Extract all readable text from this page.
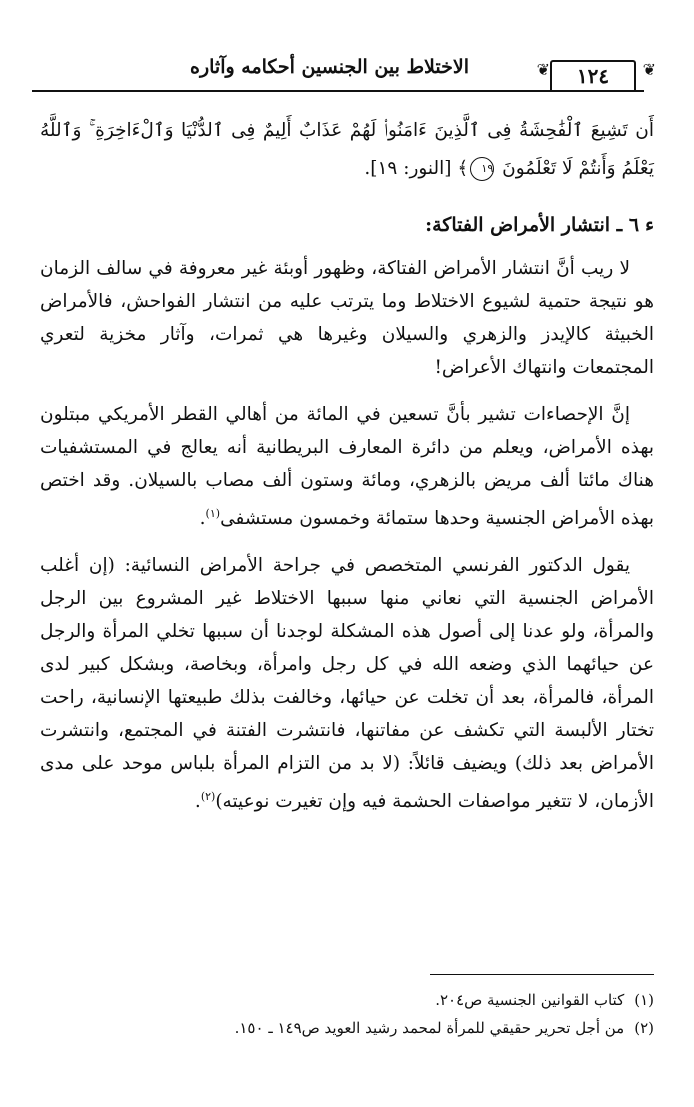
الاختلاط بين الجنسين أحكامه وآثاره	❦	١٢٤	❦

أَن تَشِيعَ ٱلْفَٰحِشَةُ فِى ٱلَّذِينَ ءَامَنُوا۟ لَهُمْ عَذَابٌ أَلِيمٌ فِى ٱلدُّنْيَا وَٱلْءَاخِرَةِ ۚ وَٱللَّهُ يَعْلَمُ وَأَنتُمْ لَا تَعْلَمُونَ ١٩﴾ [النور: ١٩].

ء٦ ـ انتشار الأمراض الفتاكة:

لا ريب أنَّ انتشار الأمراض الفتاكة، وظهور أوبئة غير معروفة في سالف الزمان هو نتيجة حتمية لشيوع الاختلاط وما يترتب عليه من انتشار الفواحش، فالأمراض الخبيثة كالإيدز والزهري والسيلان وغيرها هي ثمرات، وآثار مخزية لتعري المجتمعات وانتهاك الأعراض!

إنَّ الإحصاءات تشير بأنَّ تسعين في المائة من أهالي القطر الأمريكي مبتلون بهذه الأمراض، ويعلم من دائرة المعارف البريطانية أنه يعالج في المستشفيات هناك مائتا ألف مريض بالزهري، ومائة وستون ألف مصاب بالسيلان. وقد اختص بهذه الأمراض الجنسية وحدها ستمائة وخمسون مستشفى$^{(١)}$.

يقول الدكتور الفرنسي المتخصص في جراحة الأمراض النسائية: (إن أغلب الأمراض الجنسية التي نعاني منها سببها الاختلاط غير المشروع بين الرجل والمرأة، ولو عدنا إلى أصول هذه المشكلة لوجدنا أن سببها تخلي المرأة والرجل عن حيائهما الذي وضعه الله في كل رجل وامرأة، وبخاصة، وبشكل كبير لدى المرأة، فالمرأة، بعد أن تخلت عن حيائها، وخالفت بذلك طبيعتها الإنسانية، راحت تختار الألبسة التي تكشف عن مفاتنها، فانتشرت الفتنة في المجتمع، وانتشرت الأمراض بعد ذلك) ويضيف قائلاً: (لا بد من التزام المرأة بلباس موحد على مدى الأزمان، لا تتغير مواصفات الحشمة فيه وإن تغيرت نوعيته)$^{(٢)}$.

(١)كتاب القوانين الجنسية ص٢٠٤.

(٢)من أجل تحرير حقيقي للمرأة لمحمد رشيد العويد ص١٤٩ ـ ١٥٠.
